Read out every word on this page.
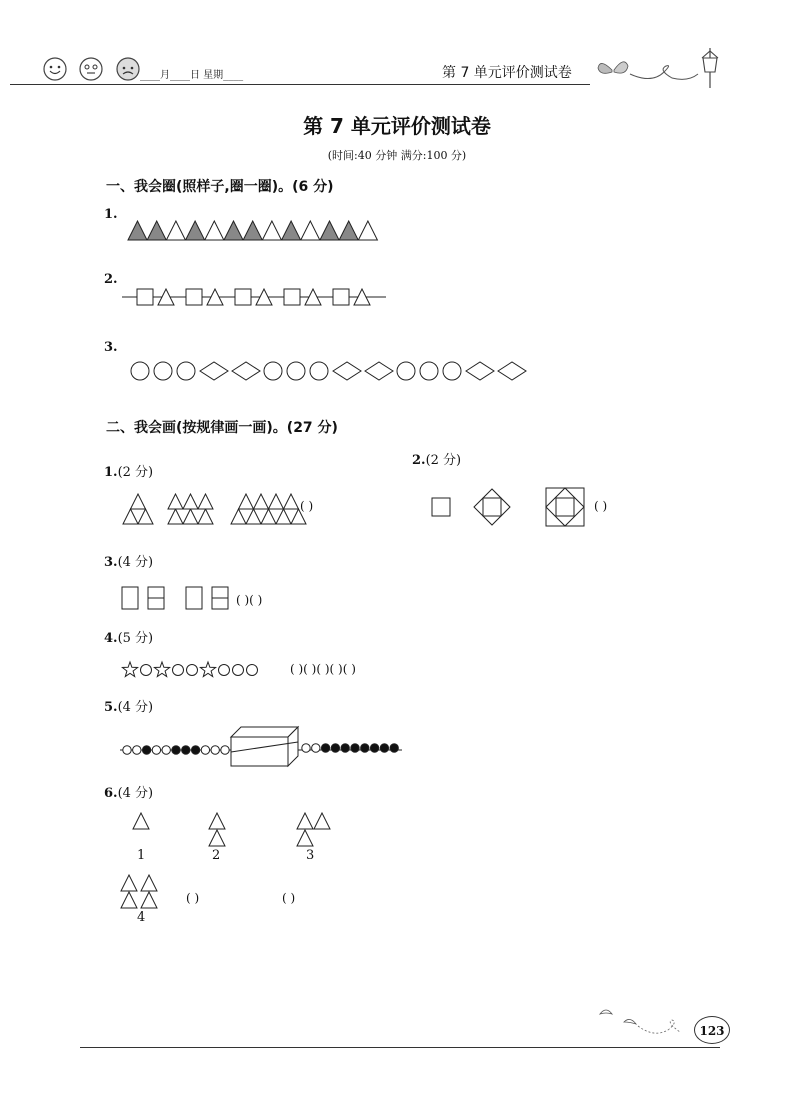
____月____日 星期____	第 7 单元评价测试卷
第 7 单元评价测试卷
(时间:40 分钟 满分:100 分)
一、我会圈(照样子,圈一圈)。(6 分)
1.
2.
3.
二、我会画(按规律画一画)。(27 分)
1.(2 分)
2.(2 分)
( )	( )
3.(4 分)
( )( )
4.(5 分)
( )( )( )( )( )
5.(4 分)
6.(4 分)
1	2	3
4
( )	( )
123
